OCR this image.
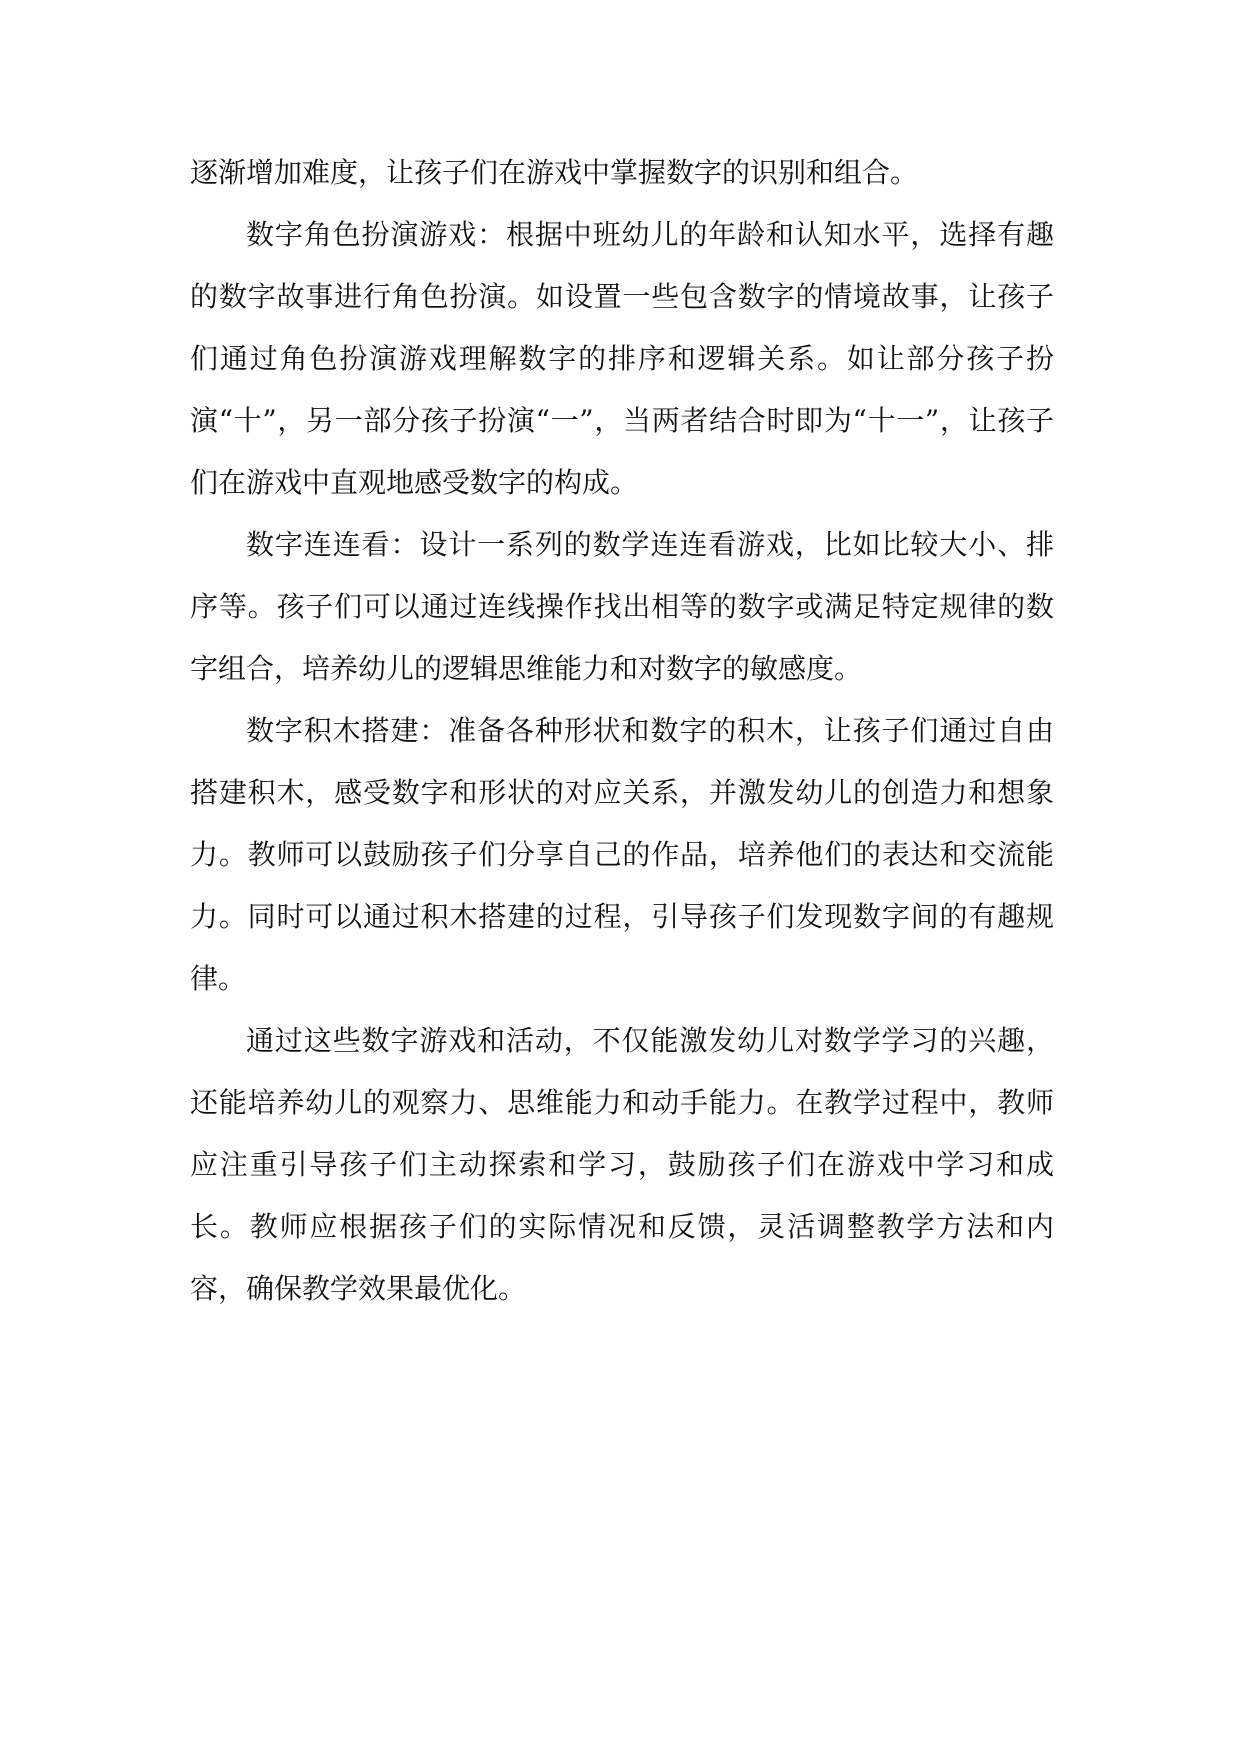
逐渐增加难度，让孩子们在游戏中掌握数字的识别和组合。

数字角色扮演游戏：根据中班幼儿的年龄和认知水平，选择有趣的数字故事进行角色扮演。如设置一些包含数字的情境故事，让孩子们通过角色扮演游戏理解数字的排序和逻辑关系。如让部分孩子扮演“十”，另一部分孩子扮演“一”，当两者结合时即为“十一”，让孩子们在游戏中直观地感受数字的构成。

数字连连看：设计一系列的数学连连看游戏，比如比较大小、排序等。孩子们可以通过连线操作找出相等的数字或满足特定规律的数字组合，培养幼儿的逻辑思维能力和对数字的敏感度。

数字积木搭建：准备各种形状和数字的积木，让孩子们通过自由搭建积木，感受数字和形状的对应关系，并激发幼儿的创造力和想象力。教师可以鼓励孩子们分享自己的作品，培养他们的表达和交流能力。同时可以通过积木搭建的过程，引导孩子们发现数字间的有趣规律。

通过这些数字游戏和活动，不仅能激发幼儿对数学学习的兴趣，还能培养幼儿的观察力、思维能力和动手能力。在教学过程中，教师应注重引导孩子们主动探索和学习，鼓励孩子们在游戏中学习和成长。教师应根据孩子们的实际情况和反馈，灵活调整教学方法和内容，确保教学效果最优化。
